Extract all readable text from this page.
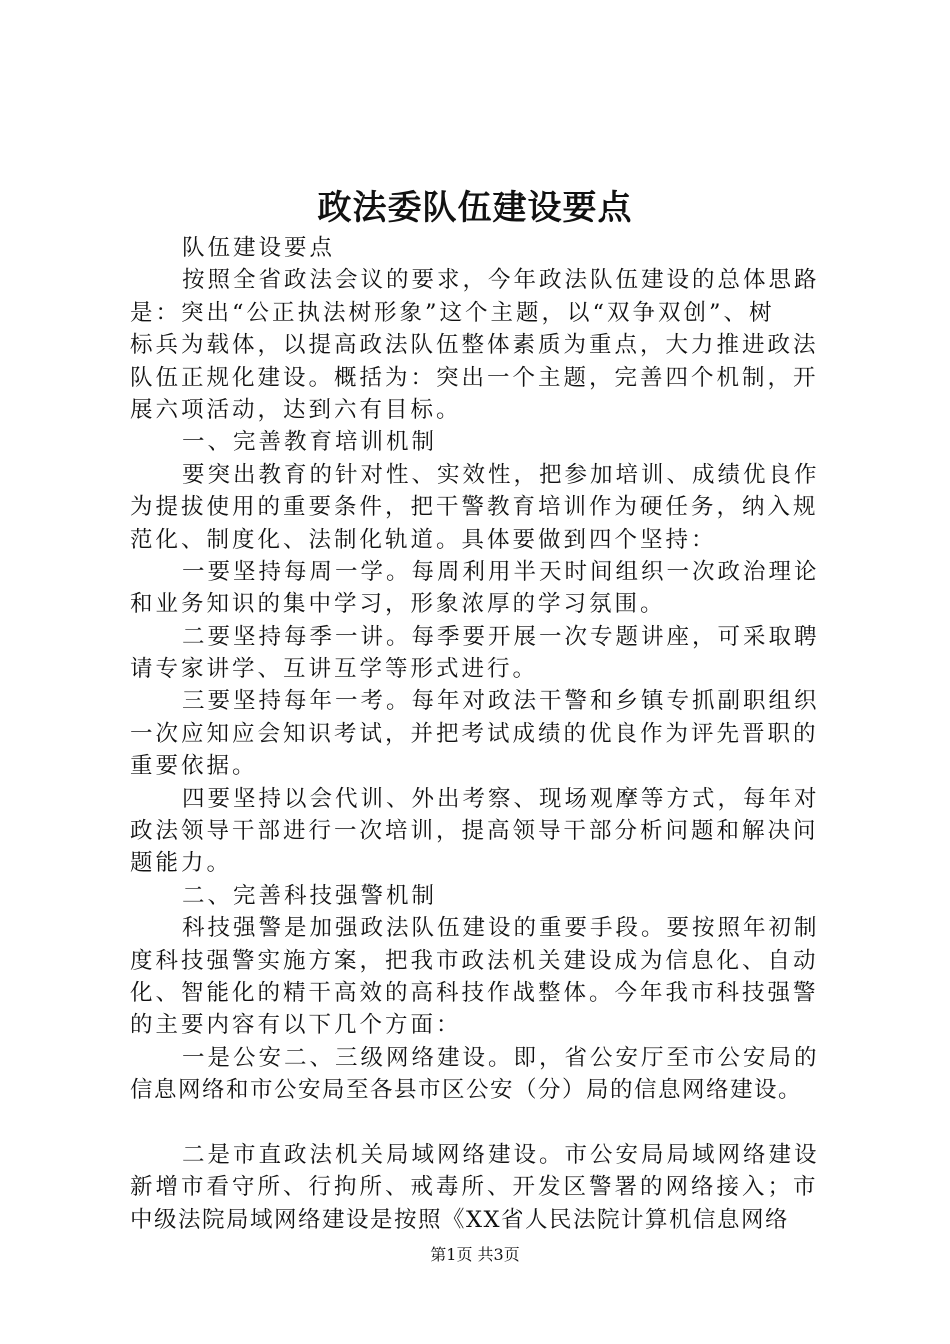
政法委队伍建设要点
队伍建设要点
按照全省政法会议的要求，今年政法队伍建设的总体思路
是：突出“公正执法树形象”这个主题，以“双争双创”、树
标兵为载体，以提高政法队伍整体素质为重点，大力推进政法
队伍正规化建设。概括为：突出一个主题，完善四个机制，开
展六项活动，达到六有目标。
一、完善教育培训机制
要突出教育的针对性、实效性，把参加培训、成绩优良作
为提拔使用的重要条件，把干警教育培训作为硬任务，纳入规
范化、制度化、法制化轨道。具体要做到四个坚持：
一要坚持每周一学。每周利用半天时间组织一次政治理论
和业务知识的集中学习，形象浓厚的学习氛围。
二要坚持每季一讲。每季要开展一次专题讲座，可采取聘
请专家讲学、互讲互学等形式进行。
三要坚持每年一考。每年对政法干警和乡镇专抓副职组织
一次应知应会知识考试，并把考试成绩的优良作为评先晋职的
重要依据。
四要坚持以会代训、外出考察、现场观摩等方式，每年对
政法领导干部进行一次培训，提高领导干部分析问题和解决问
题能力。
二、完善科技强警机制
科技强警是加强政法队伍建设的重要手段。要按照年初制
度科技强警实施方案，把我市政法机关建设成为信息化、自动
化、智能化的精干高效的高科技作战整体。今年我市科技强警
的主要内容有以下几个方面：
一是公安二、三级网络建设。即，省公安厅至市公安局的
信息网络和市公安局至各县市区公安（分）局的信息网络建设。
二是市直政法机关局域网络建设。市公安局局域网络建设
新增市看守所、行拘所、戒毒所、开发区警署的网络接入；市
中级法院局域网络建设是按照《XX省人民法院计算机信息网络
第1页 共3页
